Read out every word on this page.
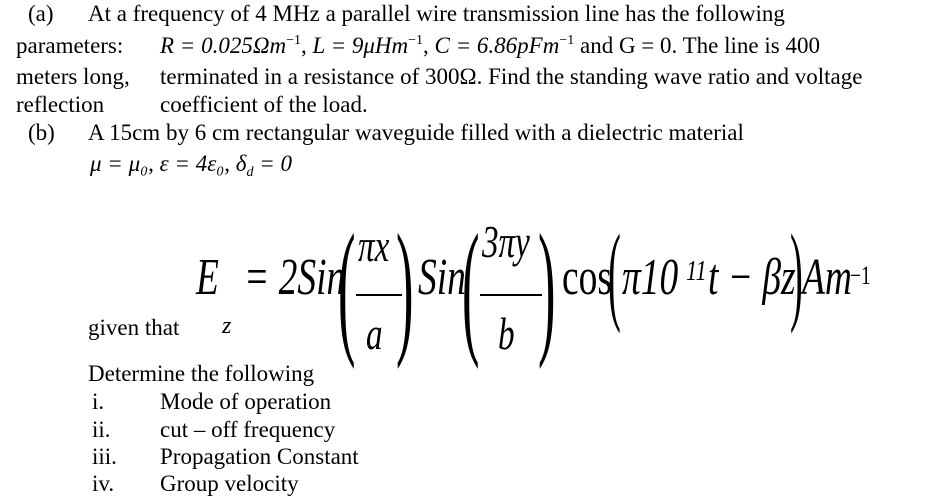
(a) At a frequency of 4 MHz a parallel wire transmission line has the following
parameters: $R = 0.025\Omega m^{-1}$, L = 9μHm$^{-1}$, C = 6.86pFm$^{-1}$ and G = 0. The line is 400
meters long, terminated in a resistance of 300Ω. Find the standing wave ratio and voltage
reflection coefficient of the load.
(b) A 15cm by 6 cm rectangular waveguide filled with a dielectric material
μ = μ₀, ε = 4ε₀, $\delta_d = 0$
given that
E
z
= 2Sin
( πx
a ) Sin
( 3πy
b ) cos
( π10 11 t − βz
) Am
−1
Determine the following
i. Mode of operation
ii. cut – off frequency
iii. Propagation Constant
iv. Group velocity
